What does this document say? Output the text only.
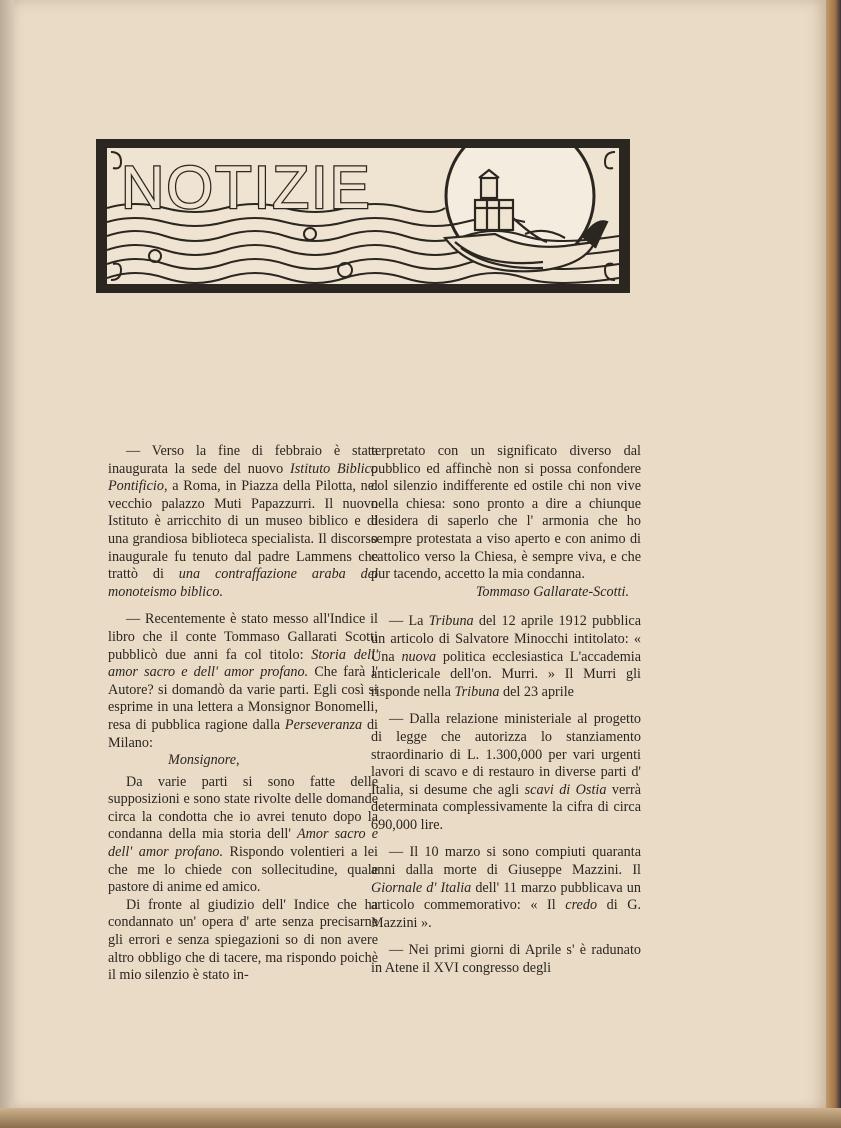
NOTIZIE

— Verso la fine di febbraio è stata inaugurata la sede del nuovo Istituto Biblico Pontificio, a Roma, in Piazza della Pilotta, nel vecchio palazzo Muti Papazzurri. Il nuovo Istituto è arricchito di un museo biblico e di una grandiosa biblioteca specialista. Il discorso inaugurale fu tenuto dal padre Lammens che trattò di una contraffazione araba del monoteismo biblico.

— Recentemente è stato messo all'Indice il libro che il conte Tommaso Gallarati Scotti pubblicò due anni fa col titolo: Storia dell' amor sacro e dell' amor profano. Che farà l' Autore? si domandò da varie parti. Egli così si esprime in una lettera a Monsignor Bonomelli, resa di pubblica ragione dalla Perseveranza di Milano:

Monsignore,

Da varie parti si sono fatte delle supposizioni e sono state rivolte delle domande circa la condotta che io avrei tenuto dopo la condanna della mia storia dell' Amor sacro e dell' amor profano. Rispondo volentieri a lei che me lo chiede con sollecitudine, quale pastore di anime ed amico.

Di fronte al giudizio dell' Indice che ha condannato un' opera d' arte senza precisarne gli errori e senza spiegazioni so di non avere altro obbligo che di tacere, ma rispondo poichè il mio silenzio è stato in-

terpretato con un significato diverso dal pubblico ed affinchè non si possa confondere col silenzio indifferente ed ostile chi non vive nella chiesa: sono pronto a dire a chiunque desidera di saperlo che l' armonia che ho sempre protestata a viso aperto e con animo di cattolico verso la Chiesa, è sempre viva, e che pur tacendo, accetto la mia condanna.

Tommaso Gallarate-Scotti.

— La Tribuna del 12 aprile 1912 pubblica un articolo di Salvatore Minocchi intitolato: « Una nuova politica ecclesiastica L'accademia anticlericale dell'on. Murri. » Il Murri gli risponde nella Tribuna del 23 aprile

— Dalla relazione ministeriale al progetto di legge che autorizza lo stanziamento straordinario di L. 1.300,000 per vari urgenti lavori di scavo e di restauro in diverse parti d' Italia, si desume che agli scavi di Ostia verrà determinata complessivamente la cifra di circa 690,000 lire.

— Il 10 marzo si sono compiuti quaranta anni dalla morte di Giuseppe Mazzini. Il Giornale d' Italia dell' 11 marzo pubblicava un articolo commemorativo: « Il credo di G. Mazzini ».

— Nei primi giorni di Aprile s' è radunato in Atene il XVI congresso degli
